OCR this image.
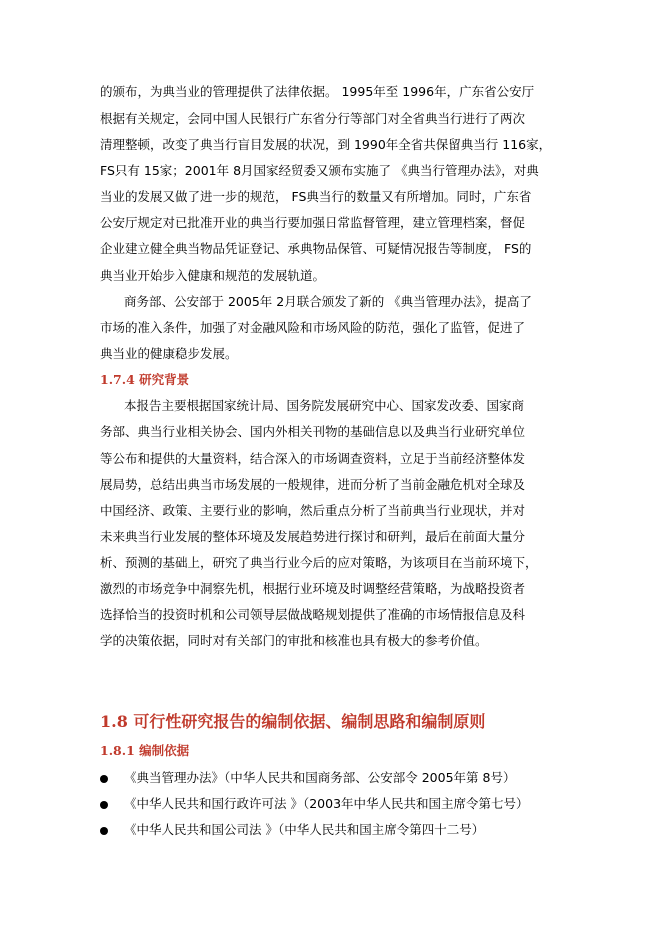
的颁布，为典当业的管理提供了法律依据。 1995年至 1996年，广东省公安厅
根据有关规定，会同中国人民银行广东省分行等部门对全省典当行进行了两次
清理整顿，改变了典当行盲目发展的状况，到 1990年全省共保留典当行 116家，
FS只有 15家；2001年 8月国家经贸委又颁布实施了 《典当行管理办法》，对典
当业的发展又做了进一步的规范， FS典当行的数量又有所增加。同时，广东省
公安厅规定对已批准开业的典当行要加强日常监督管理，建立管理档案，督促
企业建立健全典当物品凭证登记、承典物品保管、可疑情况报告等制度， FS的
典当业开始步入健康和规范的发展轨道。
商务部、公安部于 2005年 2月联合颁发了新的 《典当管理办法》，提高了
市场的准入条件，加强了对金融风险和市场风险的防范，强化了监管，促进了
典当业的健康稳步发展。
1.7.4 研究背景
本报告主要根据国家统计局、国务院发展研究中心、国家发改委、国家商
务部、典当行业相关协会、国内外相关刊物的基础信息以及典当行业研究单位
等公布和提供的大量资料，结合深入的市场调查资料，立足于当前经济整体发
展局势，总结出典当市场发展的一般规律，进而分析了当前金融危机对全球及
中国经济、政策、主要行业的影响，然后重点分析了当前典当行业现状，并对
未来典当行业发展的整体环境及发展趋势进行探讨和研判，最后在前面大量分
析、预测的基础上，研究了典当行业今后的应对策略，为该项目在当前环境下，
激烈的市场竞争中洞察先机，根据行业环境及时调整经营策略，为战略投资者
选择恰当的投资时机和公司领导层做战略规划提供了准确的市场情报信息及科
学的决策依据，同时对有关部门的审批和核准也具有极大的参考价值。
1.8 可行性研究报告的编制依据、编制思路和编制原则
1.8.1 编制依据
《典当管理办法》（中华人民共和国商务部、公安部令 2005年第 8号）
《中华人民共和国行政许可法 》（2003年中华人民共和国主席令第七号）
《中华人民共和国公司法 》（中华人民共和国主席令第四十二号）
